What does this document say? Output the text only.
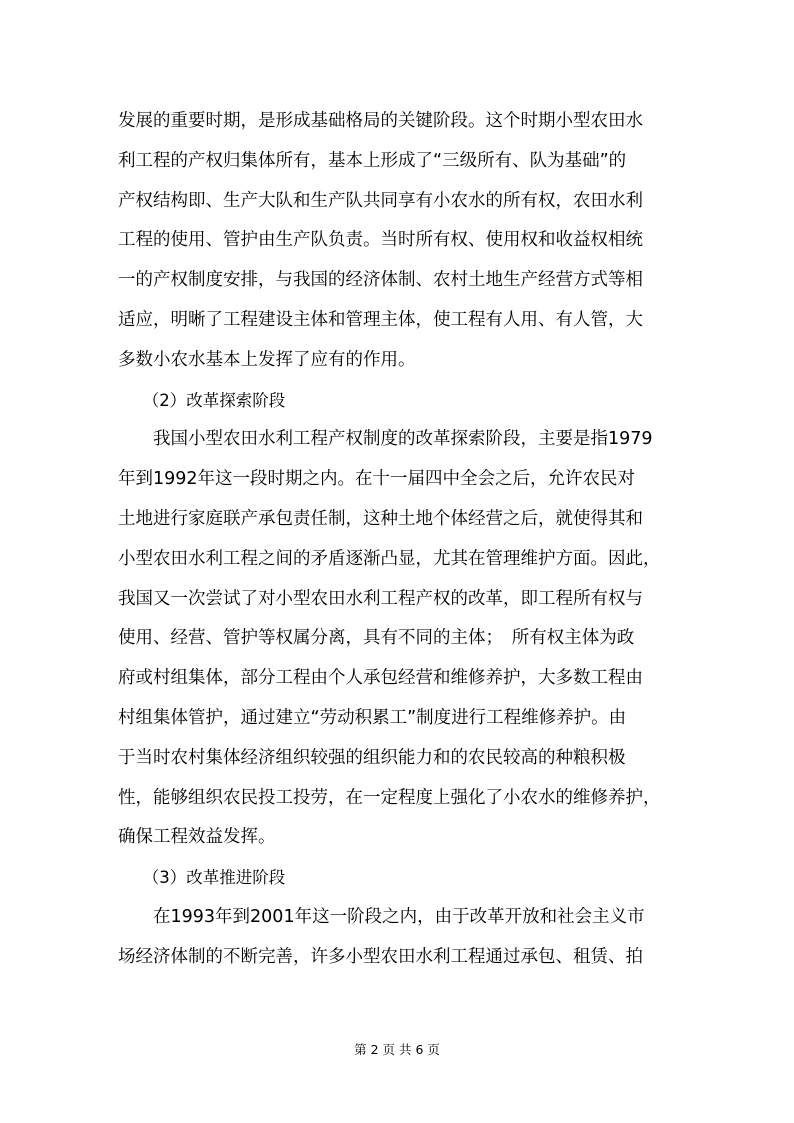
发展的重要时期，是形成基础格局的关键阶段。这个时期小型农田水
利工程的产权归集体所有，基本上形成了“三级所有、队为基础”的
产权结构即、生产大队和生产队共同享有小农水的所有权，农田水利
工程的使用、管护由生产队负责。当时所有权、使用权和收益权相统
一的产权制度安排，与我国的经济体制、农村土地生产经营方式等相
适应，明晰了工程建设主体和管理主体，使工程有人用、有人管，大
多数小农水基本上发挥了应有的作用。
　　（2）改革探索阶段
　　我国小型农田水利工程产权制度的改革探索阶段，主要是指1979
年到1992年这一段时期之内。在十一届四中全会之后，允许农民对
土地进行家庭联产承包责任制，这种土地个体经营之后，就使得其和
小型农田水利工程之间的矛盾逐渐凸显，尤其在管理维护方面。因此，
我国又一次尝试了对小型农田水利工程产权的改革，即工程所有权与
使用、经营、管护等权属分离，具有不同的主体；　所有权主体为政
府或村组集体，部分工程由个人承包经营和维修养护，大多数工程由
村组集体管护，通过建立“劳动积累工”制度进行工程维修养护。由
于当时农村集体经济组织较强的组织能力和的农民较高的种粮积极
性，能够组织农民投工投劳，在一定程度上强化了小农水的维修养护，
确保工程效益发挥。
　　（3）改革推进阶段
　　在1993年到2001年这一阶段之内，由于改革开放和社会主义市
场经济体制的不断完善，许多小型农田水利工程通过承包、租赁、拍
第 2 页 共 6 页
